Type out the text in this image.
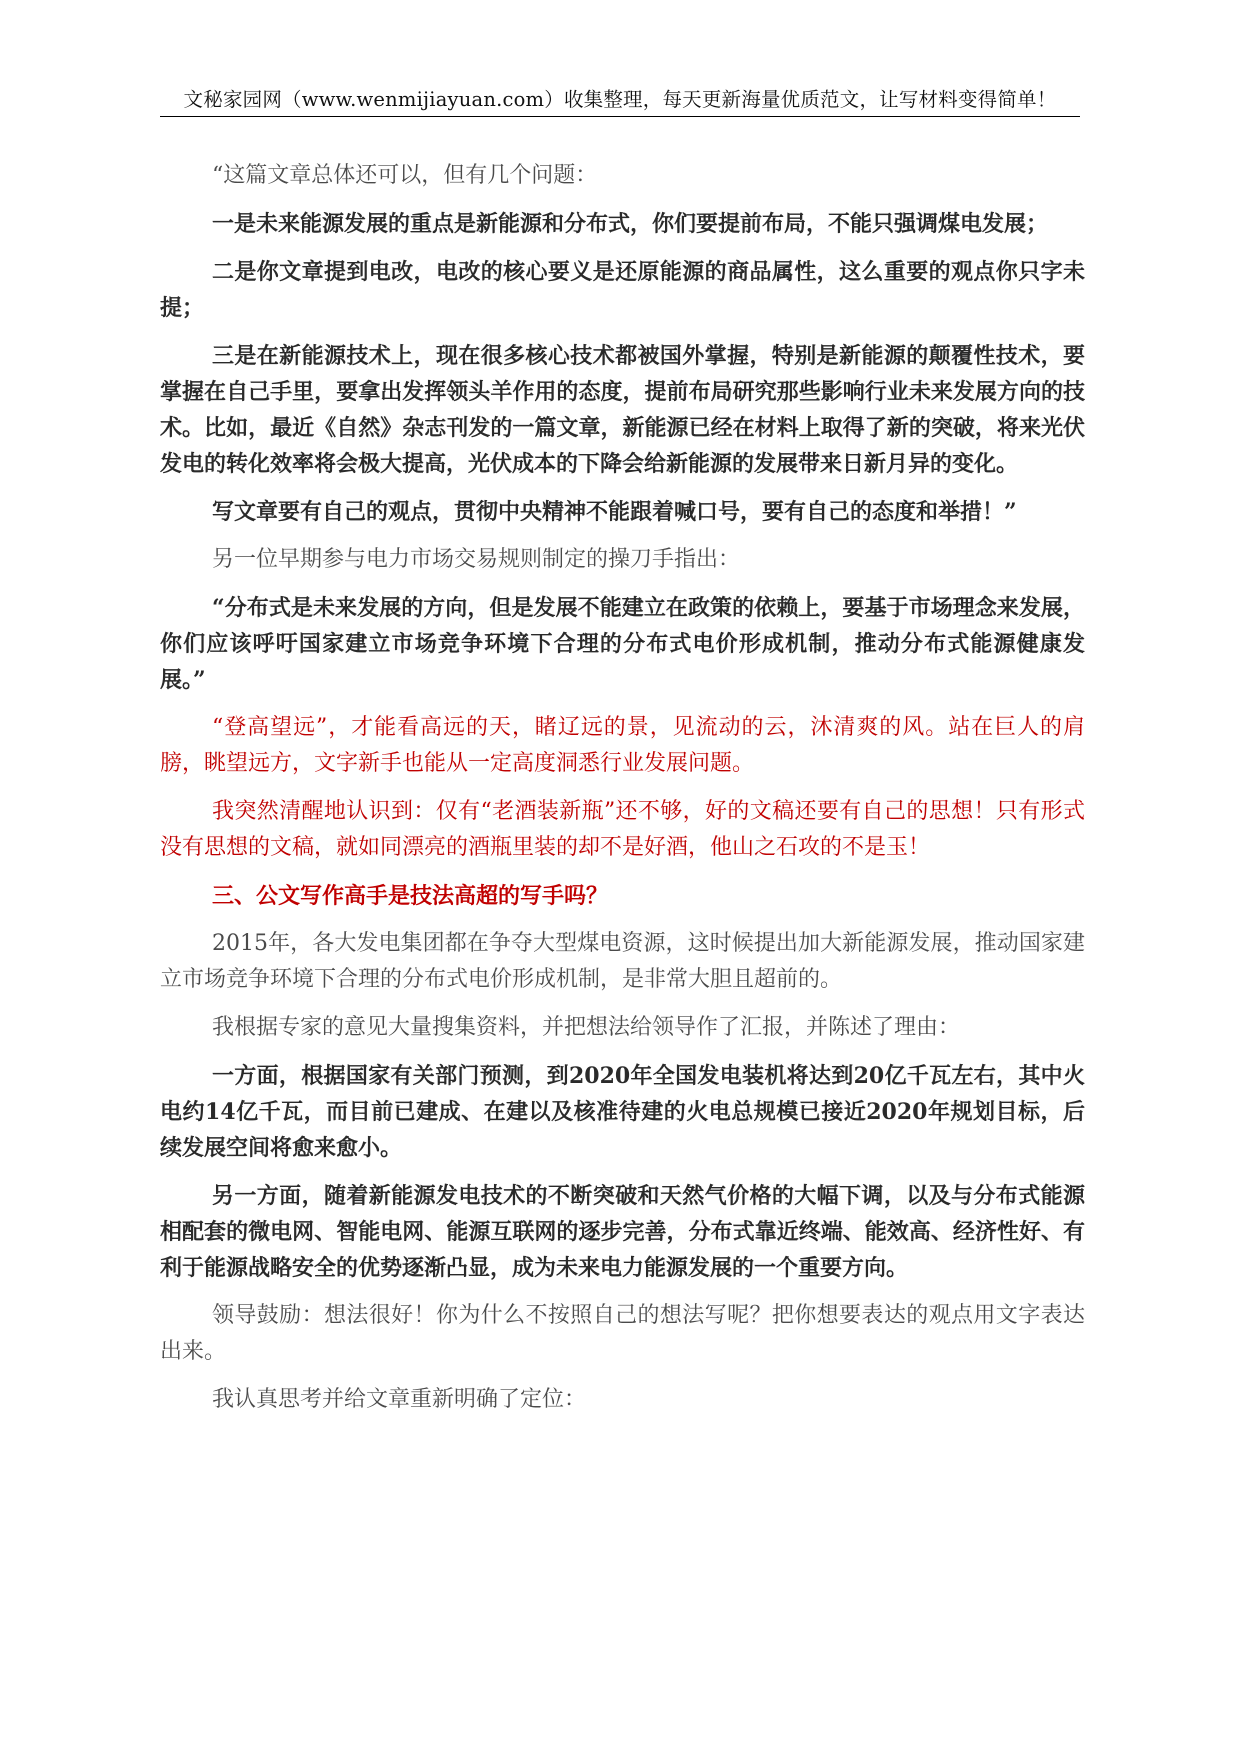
文秘家园网（www.wenmijiayuan.com）收集整理，每天更新海量优质范文，让写材料变得简单！

“这篇文章总体还可以，但有几个问题：

一是未来能源发展的重点是新能源和分布式，你们要提前布局，不能只强调煤电发展；

二是你文章提到电改，电改的核心要义是还原能源的商品属性，这么重要的观点你只字未提；

三是在新能源技术上，现在很多核心技术都被国外掌握，特别是新能源的颠覆性技术，要掌握在自己手里，要拿出发挥领头羊作用的态度，提前布局研究那些影响行业未来发展方向的技术。比如，最近《自然》杂志刊发的一篇文章，新能源已经在材料上取得了新的突破，将来光伏发电的转化效率将会极大提高，光伏成本的下降会给新能源的发展带来日新月异的变化。

写文章要有自己的观点，贯彻中央精神不能跟着喊口号，要有自己的态度和举措！”

另一位早期参与电力市场交易规则制定的操刀手指出：

“分布式是未来发展的方向，但是发展不能建立在政策的依赖上，要基于市场理念来发展，你们应该呼吁国家建立市场竞争环境下合理的分布式电价形成机制，推动分布式能源健康发展。”

“登高望远”，才能看高远的天，睹辽远的景，见流动的云，沐清爽的风。站在巨人的肩膀，眺望远方，文字新手也能从一定高度洞悉行业发展问题。

我突然清醒地认识到：仅有“老酒装新瓶”还不够，好的文稿还要有自己的思想！只有形式没有思想的文稿，就如同漂亮的酒瓶里装的却不是好酒，他山之石攻的不是玉！

三、公文写作高手是技法高超的写手吗？

2015年，各大发电集团都在争夺大型煤电资源，这时候提出加大新能源发展，推动国家建立市场竞争环境下合理的分布式电价形成机制，是非常大胆且超前的。

我根据专家的意见大量搜集资料，并把想法给领导作了汇报，并陈述了理由：

一方面，根据国家有关部门预测，到2020年全国发电装机将达到20亿千瓦左右，其中火电约14亿千瓦，而目前已建成、在建以及核准待建的火电总规模已接近2020年规划目标，后续发展空间将愈来愈小。

另一方面，随着新能源发电技术的不断突破和天然气价格的大幅下调，以及与分布式能源相配套的微电网、智能电网、能源互联网的逐步完善，分布式靠近终端、能效高、经济性好、有利于能源战略安全的优势逐渐凸显，成为未来电力能源发展的一个重要方向。

领导鼓励：想法很好！你为什么不按照自己的想法写呢？把你想要表达的观点用文字表达出来。

我认真思考并给文章重新明确了定位：
